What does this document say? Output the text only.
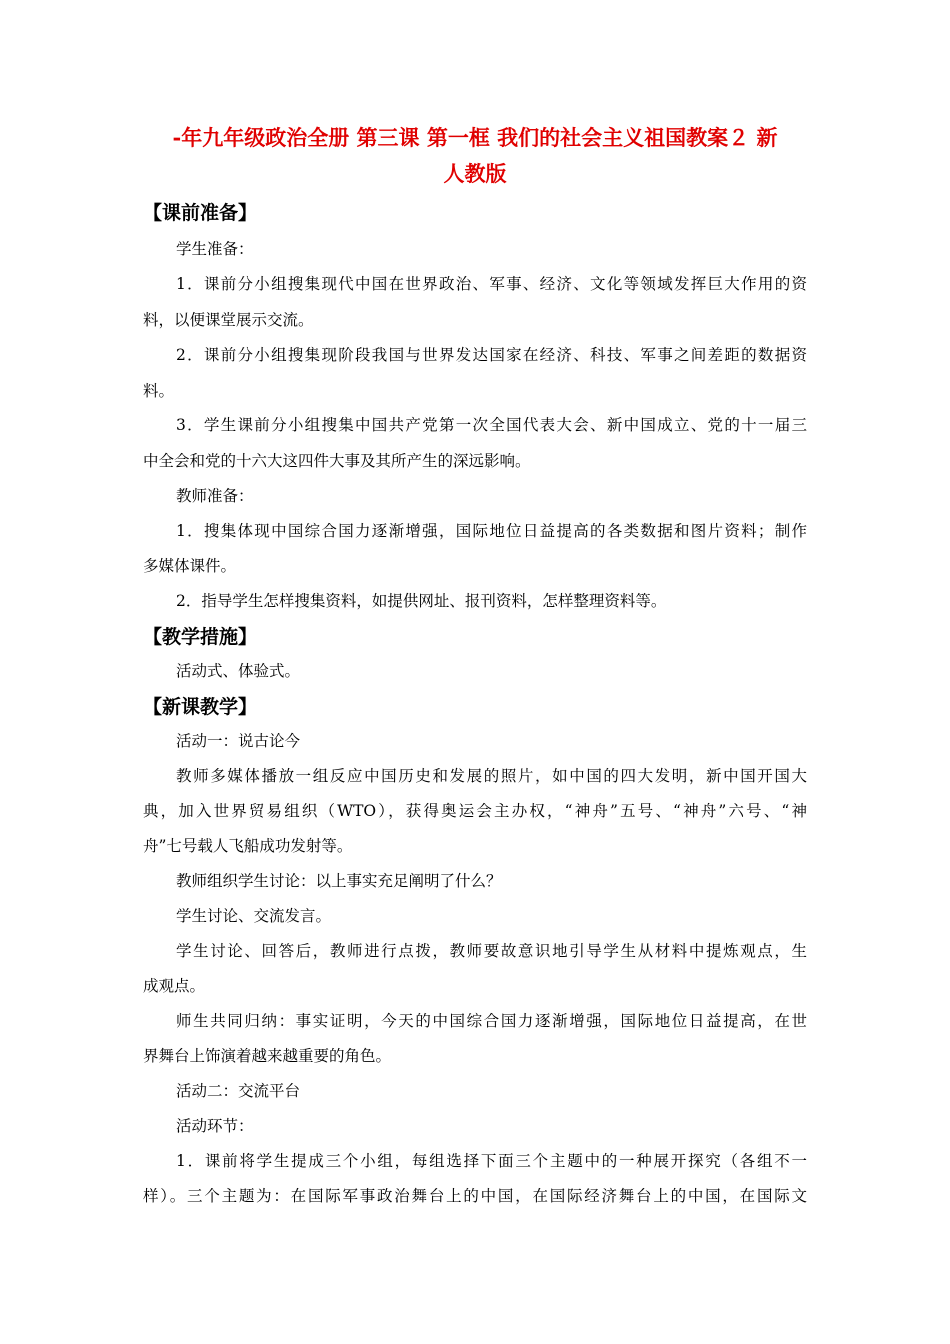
-年九年级政治全册 第三课 第一框 我们的社会主义祖国教案２ 新
人教版
【课前准备】
学生准备：
1．课前分小组搜集现代中国在世界政治、军事、经济、文化等领域发挥巨大作用的资
料，以便课堂展示交流。
2．课前分小组搜集现阶段我国与世界发达国家在经济、科技、军事之间差距的数据资
料。
3．学生课前分小组搜集中国共产党第一次全国代表大会、新中国成立、党的十一届三
中全会和党的十六大这四件大事及其所产生的深远影响。
教师准备：
1．搜集体现中国综合国力逐渐增强，国际地位日益提高的各类数据和图片资料；制作
多媒体课件。
2．指导学生怎样搜集资料，如提供网址、报刊资料，怎样整理资料等。
【教学措施】
活动式、体验式。
【新课教学】
活动一：说古论今
教师多媒体播放一组反应中国历史和发展的照片，如中国的四大发明，新中国开国大
典，加入世界贸易组织（WTO），获得奥运会主办权，“神舟”五号、“神舟”六号、“神
舟”七号载人飞船成功发射等。
教师组织学生讨论：以上事实充足阐明了什么？
学生讨论、交流发言。
学生讨论、回答后，教师进行点拨，教师要故意识地引导学生从材料中提炼观点，生
成观点。
师生共同归纳：事实证明，今天的中国综合国力逐渐增强，国际地位日益提高，在世
界舞台上饰演着越来越重要的角色。
活动二：交流平台
活动环节：
1．课前将学生提成三个小组，每组选择下面三个主题中的一种展开探究（各组不一
样）。三个主题为：在国际军事政治舞台上的中国，在国际经济舞台上的中国，在国际文
